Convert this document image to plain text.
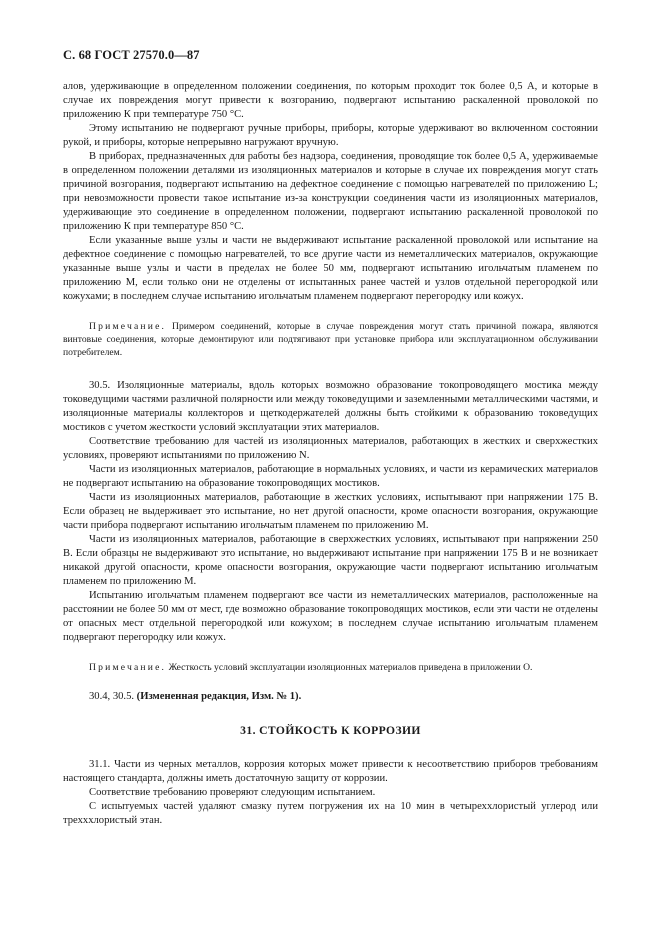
С. 68 ГОСТ 27570.0—87

алов, удерживающие в определенном положении соединения, по которым проходит ток более 0,5 А, и которые в случае их повреждения могут привести к возгоранию, подвергают испытанию раскаленной проволокой по приложению К при температуре 750 °С.

Этому испытанию не подвергают ручные приборы, приборы, которые удерживают во включенном состоянии рукой, и приборы, которые непрерывно нагружают вручную.

В приборах, предназначенных для работы без надзора, соединения, проводящие ток более 0,5 А, удерживаемые в определенном положении деталями из изоляционных материалов и которые в случае их повреждения могут стать причиной возгорания, подвергают испытанию на дефектное соединение с помощью нагревателей по приложению L; при невозможности провести такое испытание из-за конструкции соединения части из изоляционных материалов, удерживающие это соединение в определенном положении, подвергают испытанию раскаленной проволокой по приложению К при температуре 850 °С.

Если указанные выше узлы и части не выдерживают испытание раскаленной проволокой или испытание на дефектное соединение с помощью нагревателей, то все другие части из неметаллических материалов, окружающие указанные выше узлы и части в пределах не более 50 мм, подвергают испытанию игольчатым пламенем по приложению М, если только они не отделены от испытанных ранее частей и узлов отдельной перегородкой или кожухами; в последнем случае испытанию игольчатым пламенем подвергают перегородку или кожух.

Примечание. Примером соединений, которые в случае повреждения могут стать причиной пожара, являются винтовые соединения, которые демонтируют или подтягивают при установке прибора или эксплуатационном обслуживании потребителем.

30.5. Изоляционные материалы, вдоль которых возможно образование токопроводящего мостика между токоведущими частями различной полярности или между токоведущими и заземленными металлическими частями, и изоляционные материалы коллекторов и щеткодержателей должны быть стойкими к образованию токоведущих мостиков с учетом жесткости условий эксплуатации этих материалов.

Соответствие требованию для частей из изоляционных материалов, работающих в жестких и сверхжестких условиях, проверяют испытаниями по приложению N.

Части из изоляционных материалов, работающие в нормальных условиях, и части из керамических материалов не подвергают испытанию на образование токопроводящих мостиков.

Части из изоляционных материалов, работающие в жестких условиях, испытывают при напряжении 175 В. Если образец не выдерживает это испытание, но нет другой опасности, кроме опасности возгорания, окружающие части прибора подвергают испытанию игольчатым пламенем по приложению М.

Части из изоляционных материалов, работающие в сверхжестких условиях, испытывают при напряжении 250 В. Если образцы не выдерживают это испытание, но выдерживают испытание при напряжении 175 В и не возникает никакой другой опасности, кроме опасности возгорания, окружающие части подвергают испытанию игольчатым пламенем по приложению М.

Испытанию игольчатым пламенем подвергают все части из неметаллических материалов, расположенные на расстоянии не более 50 мм от мест, где возможно образование токопроводящих мостиков, если эти части не отделены от опасных мест отдельной перегородкой или кожухом; в последнем случае испытанию игольчатым пламенем подвергают перегородку или кожух.

Примечание. Жесткость условий эксплуатации изоляционных материалов приведена в приложении О.

30.4, 30.5. (Измененная редакция, Изм. № 1).

31. СТОЙКОСТЬ К КОРРОЗИИ

31.1. Части из черных металлов, коррозия которых может привести к несоответствию приборов требованиям настоящего стандарта, должны иметь достаточную защиту от коррозии.

Соответствие требованию проверяют следующим испытанием.

С испытуемых частей удаляют смазку путем погружения их на 10 мин в четыреххлористый углерод или трехххлористый этан.
